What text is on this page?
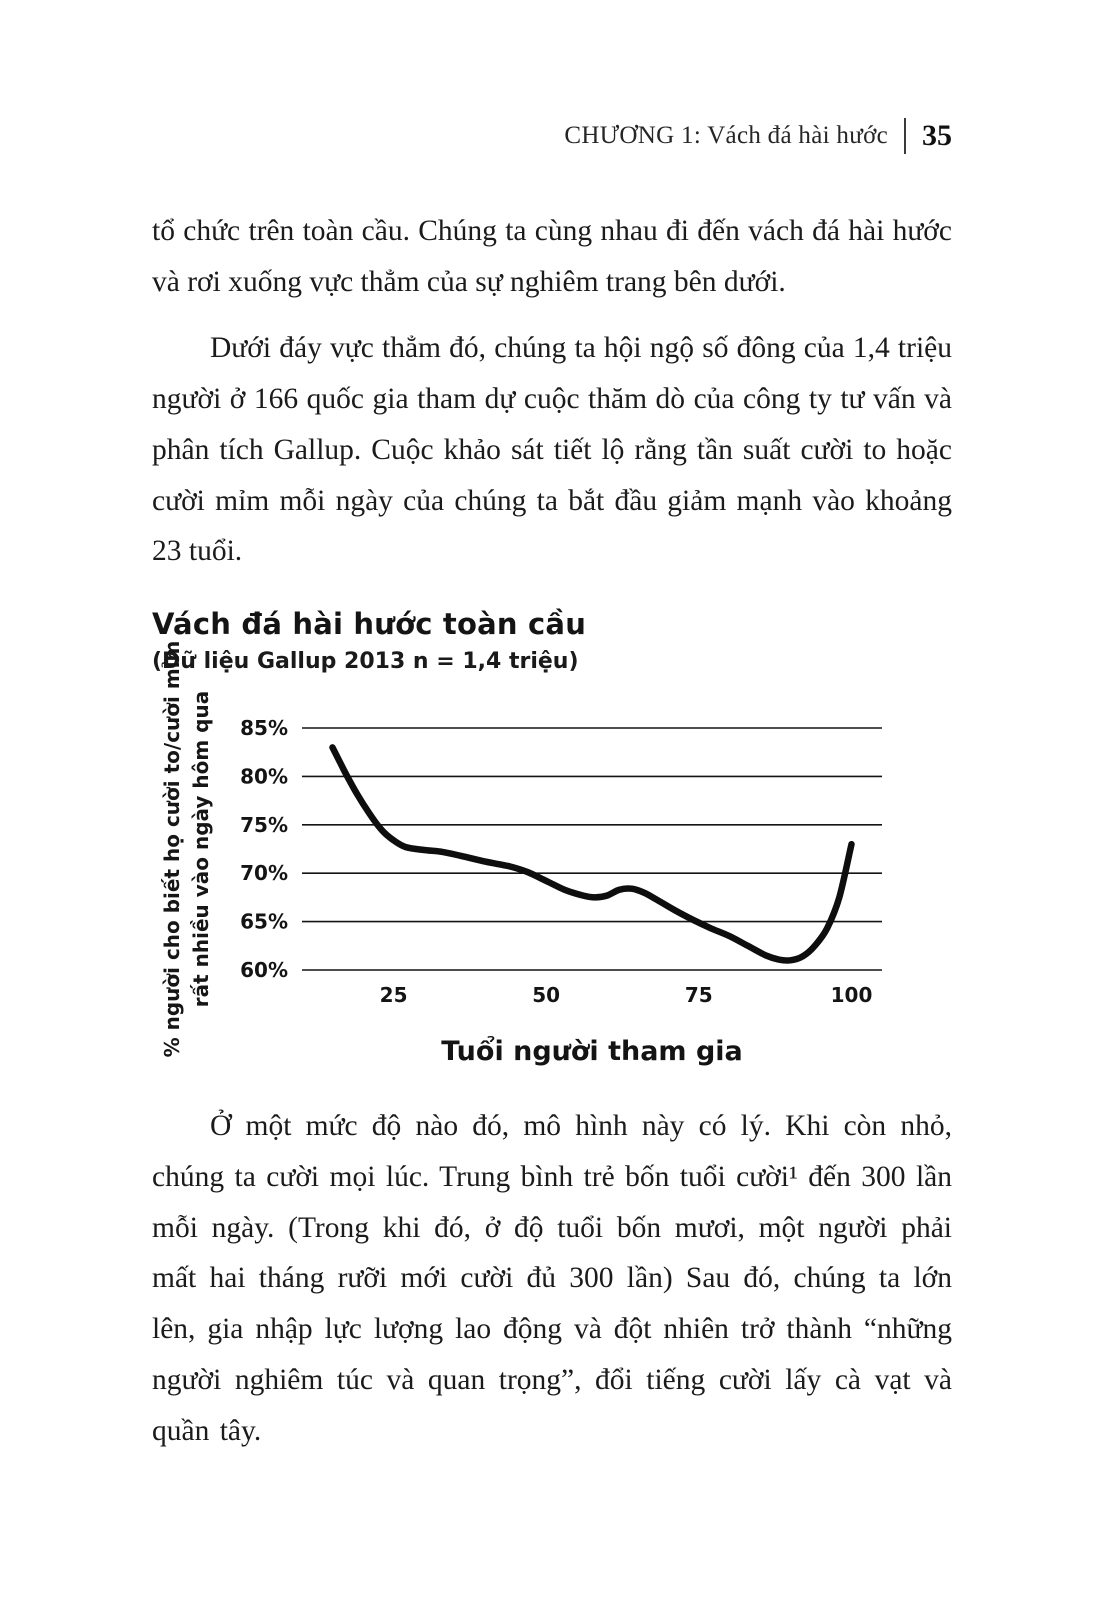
CHƯƠNG 1: Vách đá hài hước 35

tổ chức trên toàn cầu. Chúng ta cùng nhau đi đến vách đá hài hước và rơi xuống vực thẳm của sự nghiêm trang bên dưới.

Dưới đáy vực thẳm đó, chúng ta hội ngộ số đông của 1,4 triệu người ở 166 quốc gia tham dự cuộc thăm dò của công ty tư vấn và phân tích Gallup. Cuộc khảo sát tiết lộ rằng tần suất cười to hoặc cười mỉm mỗi ngày của chúng ta bắt đầu giảm mạnh vào khoảng 23 tuổi.

Vách đá hài hước toàn cầu
(Dữ liệu Gallup 2013 n = 1,4 triệu)
% người cho biết họ cười to/cười mỉm rất nhiều vào ngày hôm qua 85%
80%
75%
70%
65%
60%
25	50	75	100
Tuổi người tham gia

Ở một mức độ nào đó, mô hình này có lý. Khi còn nhỏ, chúng ta cười mọi lúc. Trung bình trẻ bốn tuổi cười¹ đến 300 lần mỗi ngày. (Trong khi đó, ở độ tuổi bốn mươi, một người phải mất hai tháng rưỡi mới cười đủ 300 lần) Sau đó, chúng ta lớn lên, gia nhập lực lượng lao động và đột nhiên trở thành “những người nghiêm túc và quan trọng”, đổi tiếng cười lấy cà vạt và quần tây.
